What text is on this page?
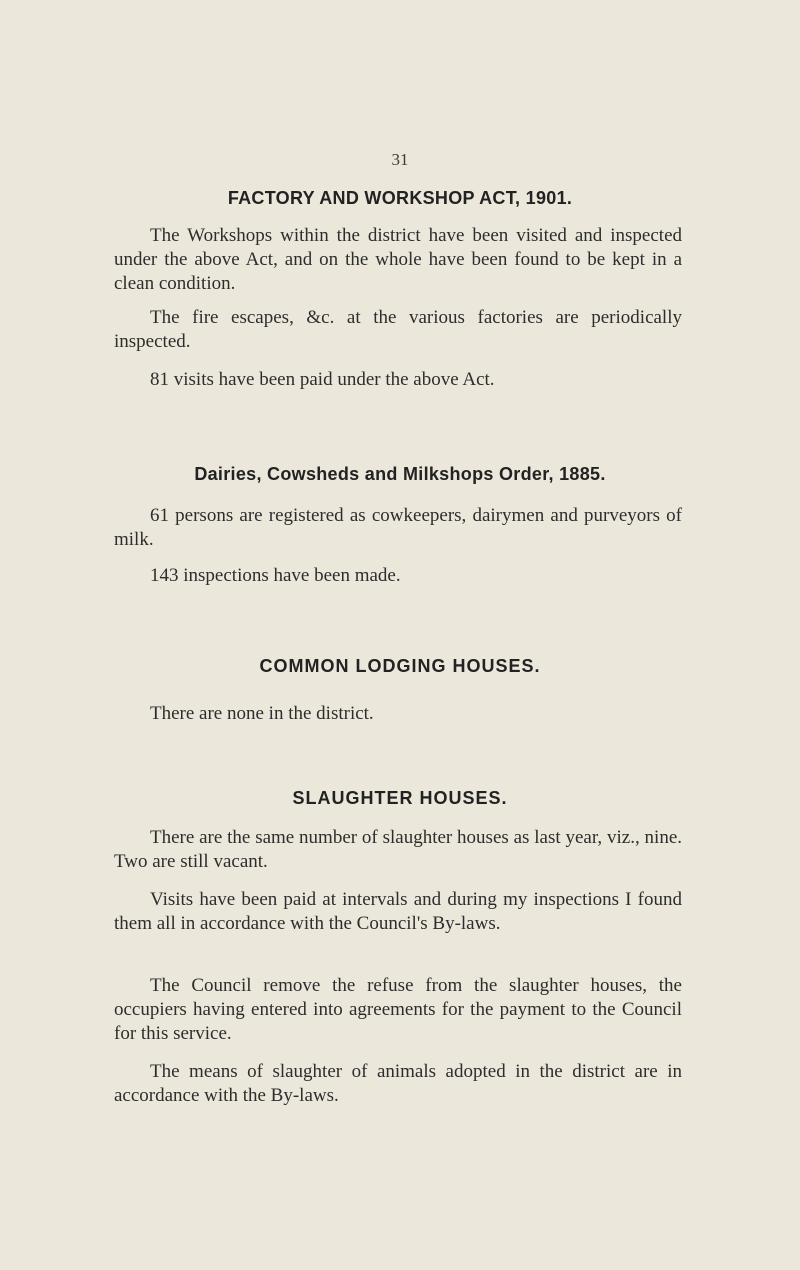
31
FACTORY AND WORKSHOP ACT, 1901.

The Workshops within the district have been visited and inspected under the above Act, and on the whole have been found to be kept in a clean condition.

The fire escapes, &c. at the various factories are periodically inspected.

81 visits have been paid under the above Act.

Dairies, Cowsheds and Milkshops Order, 1885.

61 persons are registered as cowkeepers, dairymen and purveyors of milk.

143 inspections have been made.

COMMON LODGING HOUSES.

There are none in the district.

SLAUGHTER HOUSES.

There are the same number of slaughter houses as last year, viz., nine. Two are still vacant.

Visits have been paid at intervals and during my inspections I found them all in accordance with the Council's By-laws.

The Council remove the refuse from the slaughter houses, the occupiers having entered into agreements for the payment to the Council for this service.

The means of slaughter of animals adopted in the district are in accordance with the By-laws.
